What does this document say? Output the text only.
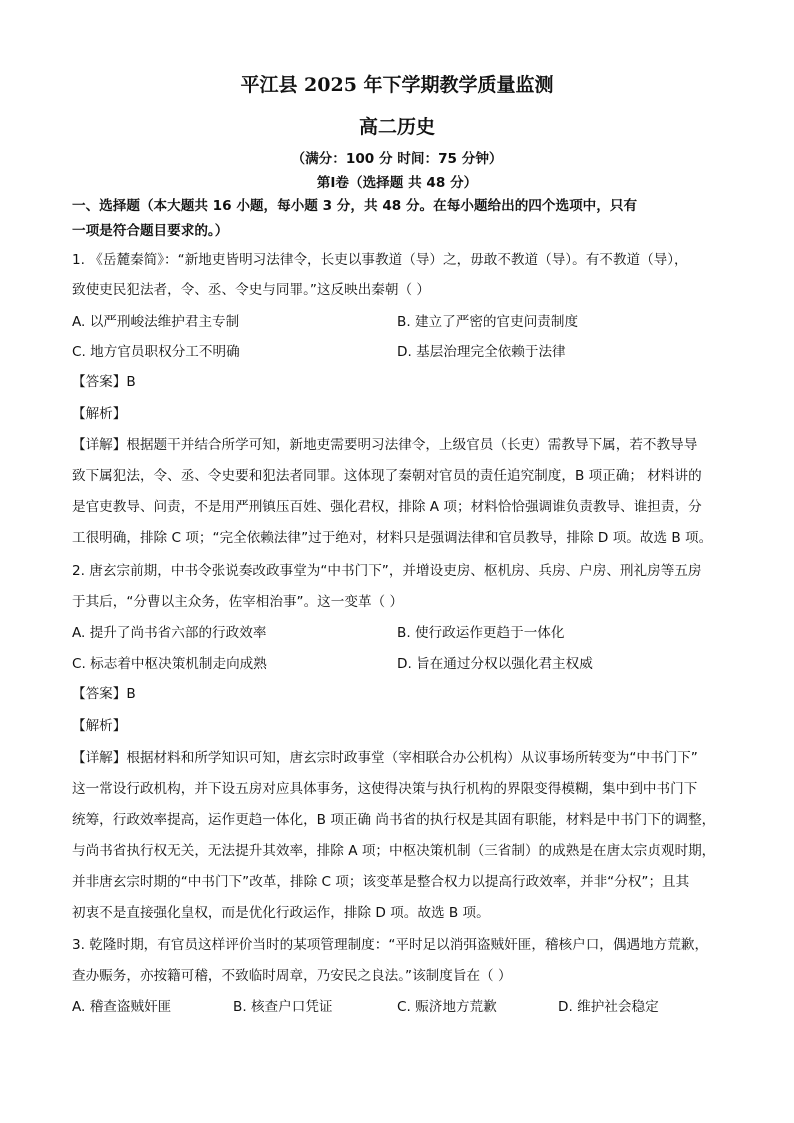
平江县 2025 年下学期教学质量监测
高二历史
（满分：100 分 时间：75 分钟）
第Ⅰ卷（选择题 共 48 分）
一、选择题（本大题共 16 小题，每小题 3 分，共 48 分。在每小题给出的四个选项中，只有
一项是符合题目要求的。）
1. 《岳麓秦简》：“新地吏皆明习法律令，长吏以事教道（导）之，毋敢不教道（导）。有不教道（导），
致使吏民犯法者，令、丞、令史与同罪。”这反映出秦朝（ ）
A. 以严刑峻法维护君主专制	B. 建立了严密的官吏问责制度
C. 地方官员职权分工不明确	D. 基层治理完全依赖于法律
【答案】B
【解析】
【详解】根据题干并结合所学可知，新地吏需要明习法律令，上级官员（长吏）需教导下属，若不教导导
致下属犯法，令、丞、令史要和犯法者同罪。这体现了秦朝对官员的责任追究制度，B 项正确； 材料讲的
是官吏教导、问责，不是用严刑镇压百姓、强化君权，排除 A 项；材料恰恰强调谁负责教导、谁担责，分
工很明确，排除 C 项；“完全依赖法律”过于绝对，材料只是强调法律和官员教导，排除 D 项。故选 B 项。
2. 唐玄宗前期，中书令张说奏改政事堂为“中书门下”，并增设吏房、枢机房、兵房、户房、刑礼房等五房
于其后，“分曹以主众务，佐宰相治事”。这一变革（ ）
A. 提升了尚书省六部的行政效率	B. 使行政运作更趋于一体化
C. 标志着中枢决策机制走向成熟	D. 旨在通过分权以强化君主权威
【答案】B
【解析】
【详解】根据材料和所学知识可知，唐玄宗时政事堂（宰相联合办公机构）从议事场所转变为“中书门下”
这一常设行政机构，并下设五房对应具体事务，这使得决策与执行机构的界限变得模糊，集中到中书门下
统筹，行政效率提高，运作更趋一体化，B 项正确 尚书省的执行权是其固有职能，材料是中书门下的调整，
与尚书省执行权无关，无法提升其效率，排除 A 项；中枢决策机制（三省制）的成熟是在唐太宗贞观时期，
并非唐玄宗时期的“中书门下”改革，排除 C 项；该变革是整合权力以提高行政效率，并非“分权”；且其
初衷不是直接强化皇权，而是优化行政运作，排除 D 项。故选 B 项。
3. 乾隆时期，有官员这样评价当时的某项管理制度：“平时足以消弭盗贼奸匪，稽核户口，偶遇地方荒歉，
查办赈务，亦按籍可稽，不致临时周章，乃安民之良法。”该制度旨在（ ）
A. 稽查盗贼奸匪	B. 核查户口凭证	C. 赈济地方荒歉	D. 维护社会稳定
